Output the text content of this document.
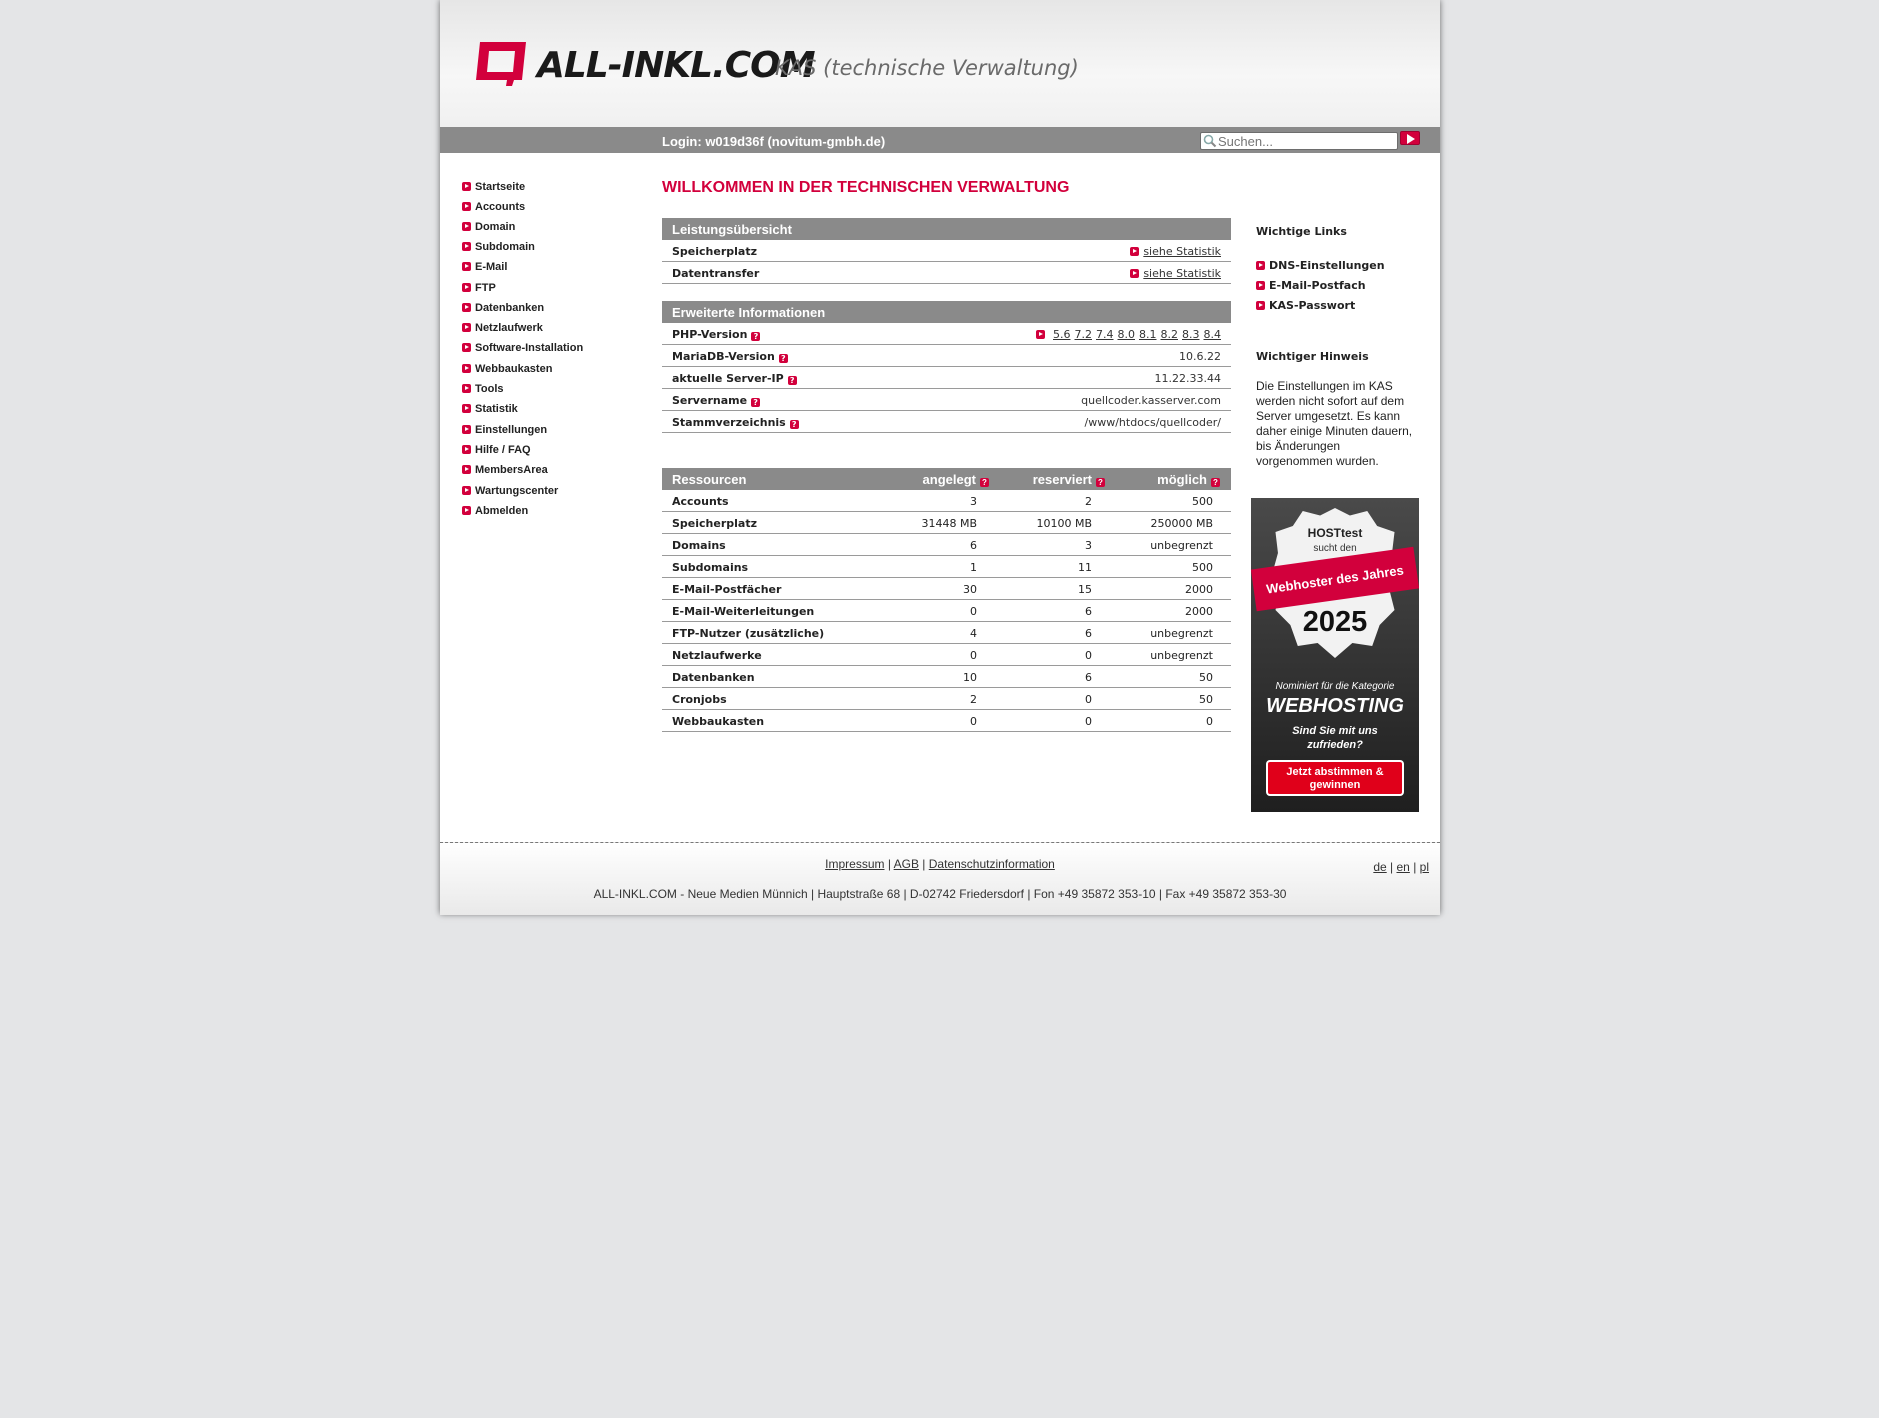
ALL-INKL.COM
KAS (technische Verwaltung)
Login: w019d36f (novitum-gmbh.de)
Suchen...
Startseite
Accounts
Domain
Subdomain
E-Mail
FTP
Datenbanken
Netzlaufwerk
Software-Installation
Webbaukasten
Tools
Statistik
Einstellungen
Hilfe / FAQ
MembersArea
Wartungscenter
Abmelden
WILLKOMMEN IN DER TECHNISCHEN VERWALTUNG
Leistungsübersicht
Speicherplatz	siehe Statistik
Datentransfer	siehe Statistik
Erweiterte Informationen
PHP-Version ?	5.6 7.2 7.4 8.0 8.1 8.2 8.3 8.4
MariaDB-Version ?	10.6.22
aktuelle Server-IP ?	11.22.33.44
Servername ?	quellcoder.kasserver.com
Stammverzeichnis ?	/www/htdocs/quellcoder/
Ressourcen	angelegt ?	reserviert ?	möglich ?
Accounts	3	2	500
Speicherplatz	31448 MB	10100 MB	250000 MB
Domains	6	3	unbegrenzt
Subdomains	1	11	500
E-Mail-Postfächer	30	15	2000
E-Mail-Weiterleitungen	0	6	2000
FTP-Nutzer (zusätzliche)	4	6	unbegrenzt
Netzlaufwerke	0	0	unbegrenzt
Datenbanken	10	6	50
Cronjobs	2	0	50
Webbaukasten	0	0	0
Wichtige Links
DNS-Einstellungen
E-Mail-Postfach
KAS-Passwort
Wichtiger Hinweis
Die Einstellungen im KAS werden nicht sofort auf dem Server umgesetzt. Es kann daher einige Minuten dauern, bis Änderungen vorgenommen wurden.
HOSTtest
sucht den
Webhoster des Jahres
2025
Nominiert für die Kategorie
WEBHOSTING
Sind Sie mit uns zufrieden?
Jetzt abstimmen & gewinnen
Impressum | AGB | Datenschutzinformation	de | en | pl
ALL-INKL.COM - Neue Medien Münnich | Hauptstraße 68 | D-02742 Friedersdorf | Fon +49 35872 353-10 | Fax +49 35872 353-30
